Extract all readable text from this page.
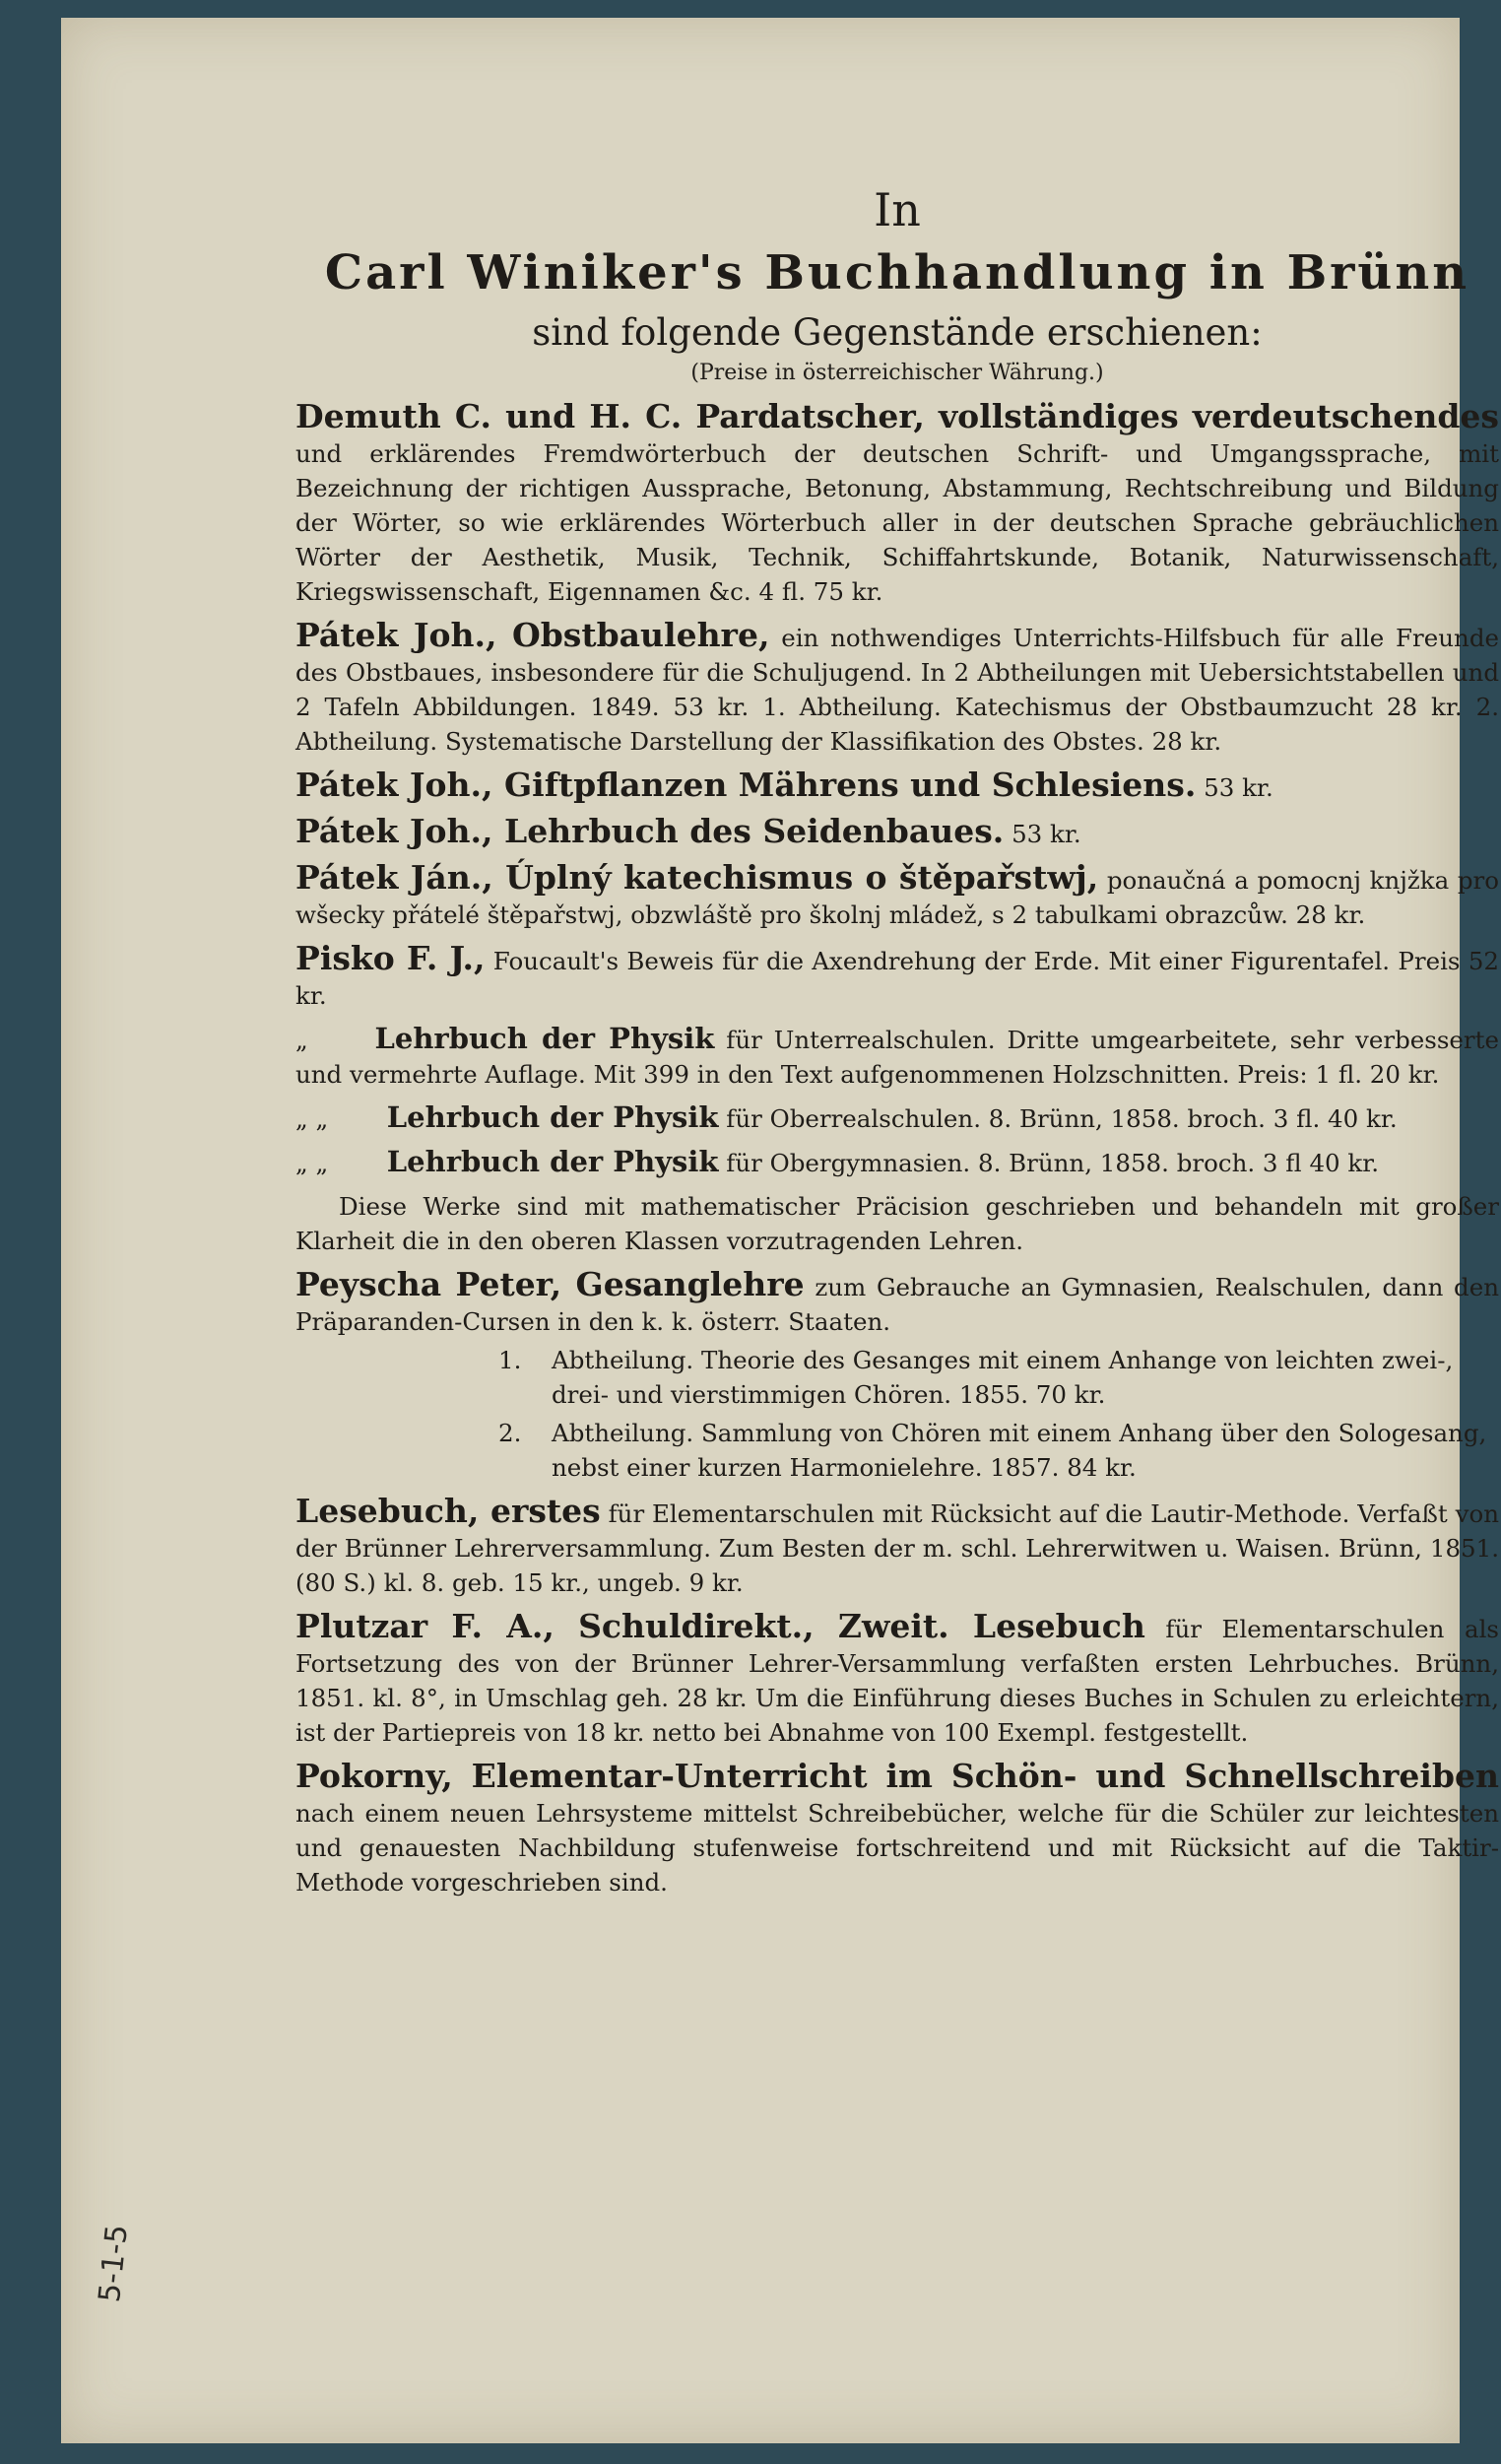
In
Carl Winiker's Buchhandlung in Brünn
sind folgende Gegenstände erschienen:
(Preise in österreichischer Währung.)
Demuth C. und H. C. Pardatscher, vollständiges verdeutschendes und erklärendes Fremdwörterbuch der deutschen Schrift- und Umgangssprache, mit Bezeichnung der richtigen Aussprache, Betonung, Abstammung, Rechtschreibung und Bildung der Wörter, so wie erklärendes Wörterbuch aller in der deutschen Sprache gebräuchlichen Wörter der Aesthetik, Musik, Technik, Schiffahrtskunde, Botanik, Naturwissenschaft, Kriegswissenschaft, Eigennamen &c. 4 fl. 75 kr.
Pátek Joh., Obstbaulehre, ein nothwendiges Unterrichts-Hilfsbuch für alle Freunde des Obstbaues, insbesondere für die Schuljugend. In 2 Abtheilungen mit Uebersichtstabellen und 2 Tafeln Abbildungen. 1849. 53 kr. 1. Abtheilung. Katechismus der Obstbaumzucht 28 kr. 2. Abtheilung. Systematische Darstellung der Klassifikation des Obstes. 28 kr.
Pátek Joh., Giftpflanzen Mährens und Schlesiens. 53 kr.
Pátek Joh., Lehrbuch des Seidenbaues. 53 kr.
Pátek Ján., Úplný katechismus o štěpařstwj, ponaučná a pomocnj knjžka pro wšecky přátelé štěpařstwj, obzwláště pro školnj mládež, s 2 tabulkami obrazcůw. 28 kr.
Pisko F. J., Foucault's Beweis für die Axendrehung der Erde. Mit einer Figurentafel. Preis 52 kr.
„ Lehrbuch der Physik für Unterrealschulen. Dritte umgearbeitete, sehr verbesserte und vermehrte Auflage. Mit 399 in den Text aufgenommenen Holzschnitten. Preis: 1 fl. 20 kr.
„ „ Lehrbuch der Physik für Oberrealschulen. 8. Brünn, 1858. broch. 3 fl. 40 kr.
„ „ Lehrbuch der Physik für Obergymnasien. 8. Brünn, 1858. broch. 3 fl 40 kr.
Diese Werke sind mit mathematischer Präcision geschrieben und behandeln mit großer Klarheit die in den oberen Klassen vorzutragenden Lehren.
Peyscha Peter, Gesanglehre zum Gebrauche an Gymnasien, Realschulen, dann den Präparanden-Cursen in den k. k. österr. Staaten.
1. Abtheilung. Theorie des Gesanges mit einem Anhange von leichten zwei-, drei- und vierstimmigen Chören. 1855. 70 kr.
2. Abtheilung. Sammlung von Chören mit einem Anhang über den Sologesang, nebst einer kurzen Harmonielehre. 1857. 84 kr.
Lesebuch, erstes für Elementarschulen mit Rücksicht auf die Lautir-Methode. Verfaßt von der Brünner Lehrerversammlung. Zum Besten der m. schl. Lehrerwitwen u. Waisen. Brünn, 1851. (80 S.) kl. 8. geb. 15 kr., ungeb. 9 kr.
Plutzar F. A., Schuldirekt., Zweit. Lesebuch für Elementarschulen als Fortsetzung des von der Brünner Lehrer-Versammlung verfaßten ersten Lehrbuches. Brünn, 1851. kl. 8°, in Umschlag geh. 28 kr. Um die Einführung dieses Buches in Schulen zu erleichtern, ist der Partiepreis von 18 kr. netto bei Abnahme von 100 Exempl. festgestellt.
Pokorny, Elementar-Unterricht im Schön- und Schnellschreiben nach einem neuen Lehrsysteme mittelst Schreibebücher, welche für die Schüler zur leichtesten und genauesten Nachbildung stufenweise fortschreitend und mit Rücksicht auf die Taktir-Methode vorgeschrieben sind.
5-1-5
